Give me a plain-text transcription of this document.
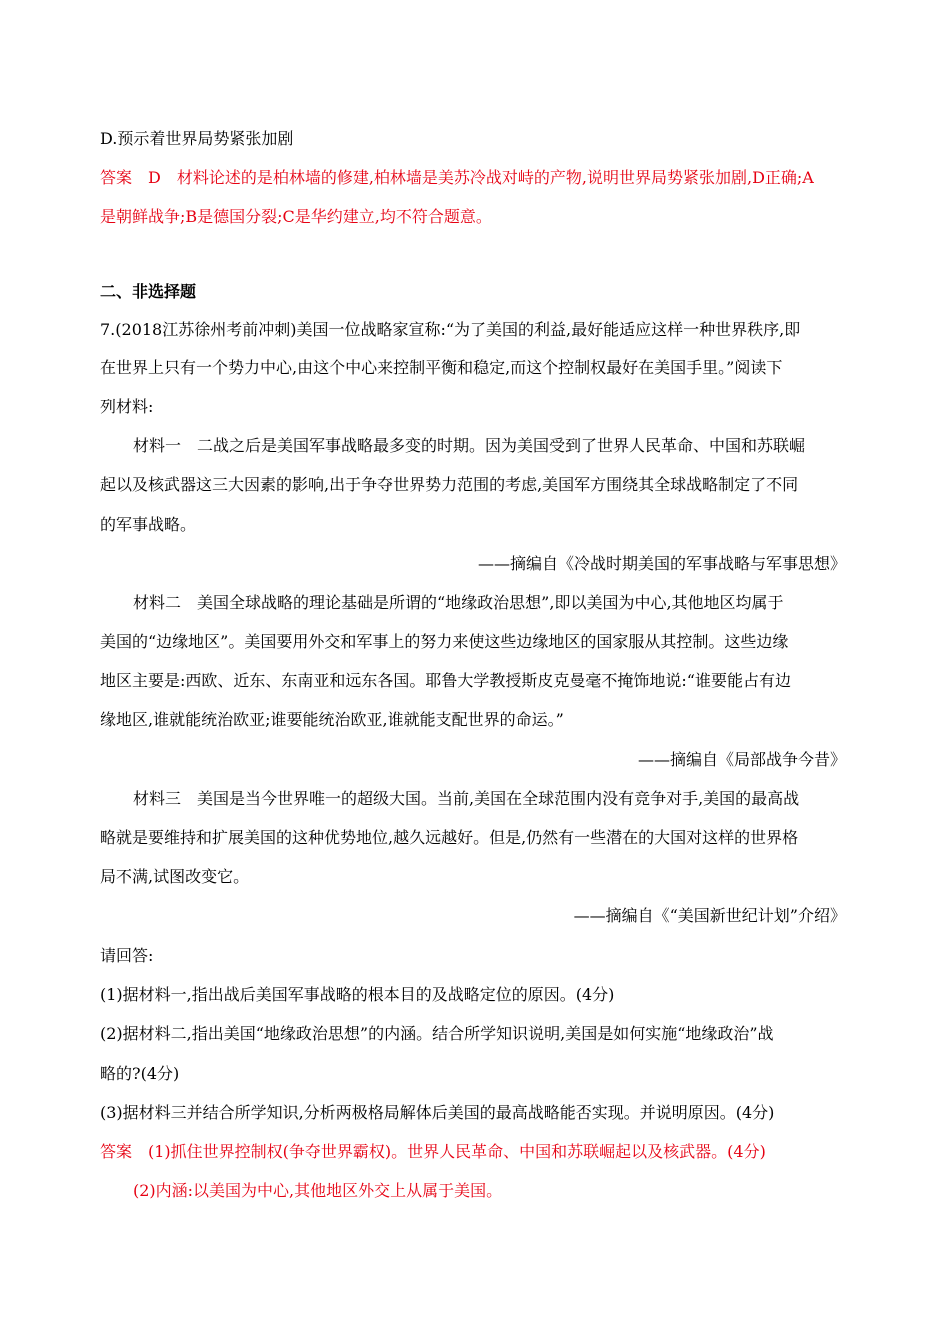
D.预示着世界局势紧张加剧
答案　D　材料论述的是柏林墙的修建,柏林墙是美苏冷战对峙的产物,说明世界局势紧张加剧,D正确;A
是朝鲜战争;B是德国分裂;C是华约建立,均不符合题意。
二、非选择题
7.(2018江苏徐州考前冲刺)美国一位战略家宣称:“为了美国的利益,最好能适应这样一种世界秩序,即
在世界上只有一个势力中心,由这个中心来控制平衡和稳定,而这个控制权最好在美国手里。”阅读下
列材料:
材料一　二战之后是美国军事战略最多变的时期。因为美国受到了世界人民革命、中国和苏联崛
起以及核武器这三大因素的影响,出于争夺世界势力范围的考虑,美国军方围绕其全球战略制定了不同
的军事战略。
——摘编自《冷战时期美国的军事战略与军事思想》
材料二　美国全球战略的理论基础是所谓的“地缘政治思想”,即以美国为中心,其他地区均属于
美国的“边缘地区”。美国要用外交和军事上的努力来使这些边缘地区的国家服从其控制。这些边缘
地区主要是:西欧、近东、东南亚和远东各国。耶鲁大学教授斯皮克曼毫不掩饰地说:“谁要能占有边
缘地区,谁就能统治欧亚;谁要能统治欧亚,谁就能支配世界的命运。”
——摘编自《局部战争今昔》
材料三　美国是当今世界唯一的超级大国。当前,美国在全球范围内没有竞争对手,美国的最高战
略就是要维持和扩展美国的这种优势地位,越久远越好。但是,仍然有一些潜在的大国对这样的世界格
局不满,试图改变它。
——摘编自《“美国新世纪计划”介绍》
请回答:
(1)据材料一,指出战后美国军事战略的根本目的及战略定位的原因。(4分)
(2)据材料二,指出美国“地缘政治思想”的内涵。结合所学知识说明,美国是如何实施“地缘政治”战
略的?(4分)
(3)据材料三并结合所学知识,分析两极格局解体后美国的最高战略能否实现。并说明原因。(4分)
答案　(1)抓住世界控制权(争夺世界霸权)。世界人民革命、中国和苏联崛起以及核武器。(4分)
(2)内涵:以美国为中心,其他地区外交上从属于美国。
